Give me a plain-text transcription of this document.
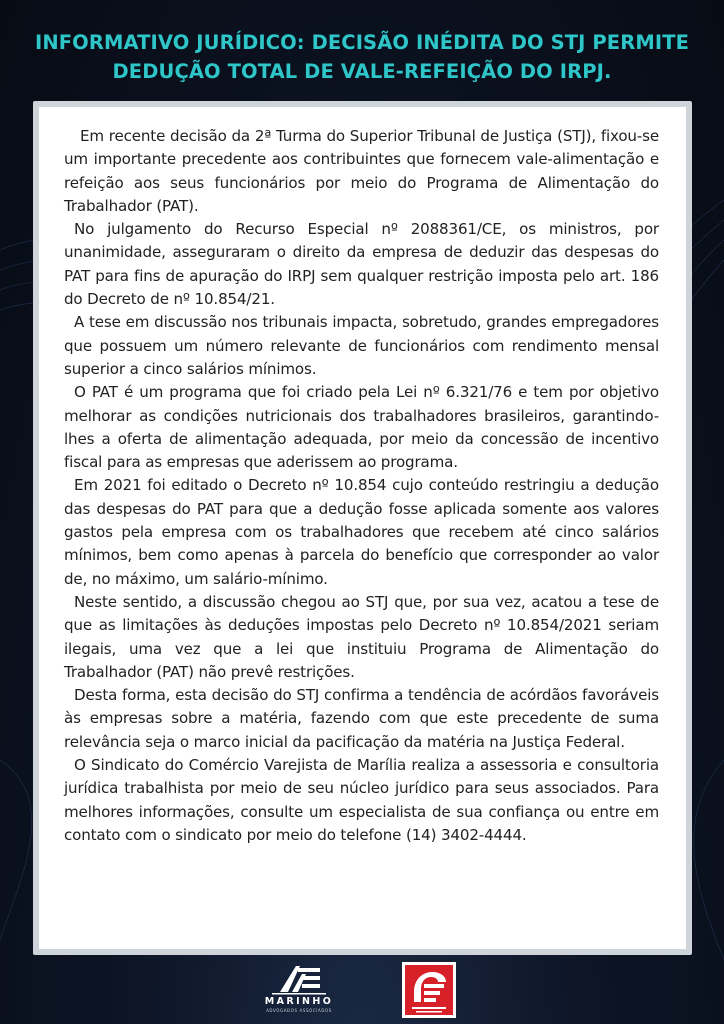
INFORMATIVO JURÍDICO: DECISÃO INÉDITA DO STJ PERMITE
DEDUÇÃO TOTAL DE VALE-REFEIÇÃO DO IRPJ.

Em recente decisão da 2ª Turma do Superior Tribunal de Justiça (STJ), fixou-se um importante precedente aos contribuintes que fornecem vale-alimentação e refeição aos seus funcionários por meio do Programa de Alimentação do Trabalhador (PAT).

No julgamento do Recurso Especial nº 2088361/CE, os ministros, por unanimidade, asseguraram o direito da empresa de deduzir das despesas do PAT para fins de apuração do IRPJ sem qualquer restrição imposta pelo art. 186 do Decreto de nº 10.854/21.

A tese em discussão nos tribunais impacta, sobretudo, grandes empregadores que possuem um número relevante de funcionários com rendimento mensal superior a cinco salários mínimos.

O PAT é um programa que foi criado pela Lei nº 6.321/76 e tem por objetivo melhorar as condições nutricionais dos trabalhadores brasileiros, garantindo-lhes a oferta de alimentação adequada, por meio da concessão de incentivo fiscal para as empresas que aderissem ao programa.

Em 2021 foi editado o Decreto nº 10.854 cujo conteúdo restringiu a dedução das despesas do PAT para que a dedução fosse aplicada somente aos valores gastos pela empresa com os trabalhadores que recebem até cinco salários mínimos, bem como apenas à parcela do benefício que corresponder ao valor de, no máximo, um salário-mínimo.

Neste sentido, a discussão chegou ao STJ que, por sua vez, acatou a tese de que as limitações às deduções impostas pelo Decreto nº 10.854/2021 seriam ilegais, uma vez que a lei que instituiu Programa de Alimentação do Trabalhador (PAT) não prevê restrições.

Desta forma, esta decisão do STJ confirma a tendência de acórdãos favoráveis às empresas sobre a matéria, fazendo com que este precedente de suma relevância seja o marco inicial da pacificação da matéria na Justiça Federal.

O Sindicato do Comércio Varejista de Marília realiza a assessoria e consultoria jurídica trabalhista por meio de seu núcleo jurídico para seus associados. Para melhores informações, consulte um especialista de sua confiança ou entre em contato com o sindicato por meio do telefone (14) 3402-4444.

MARINHO
ADVOGADOS ASSOCIADOS
